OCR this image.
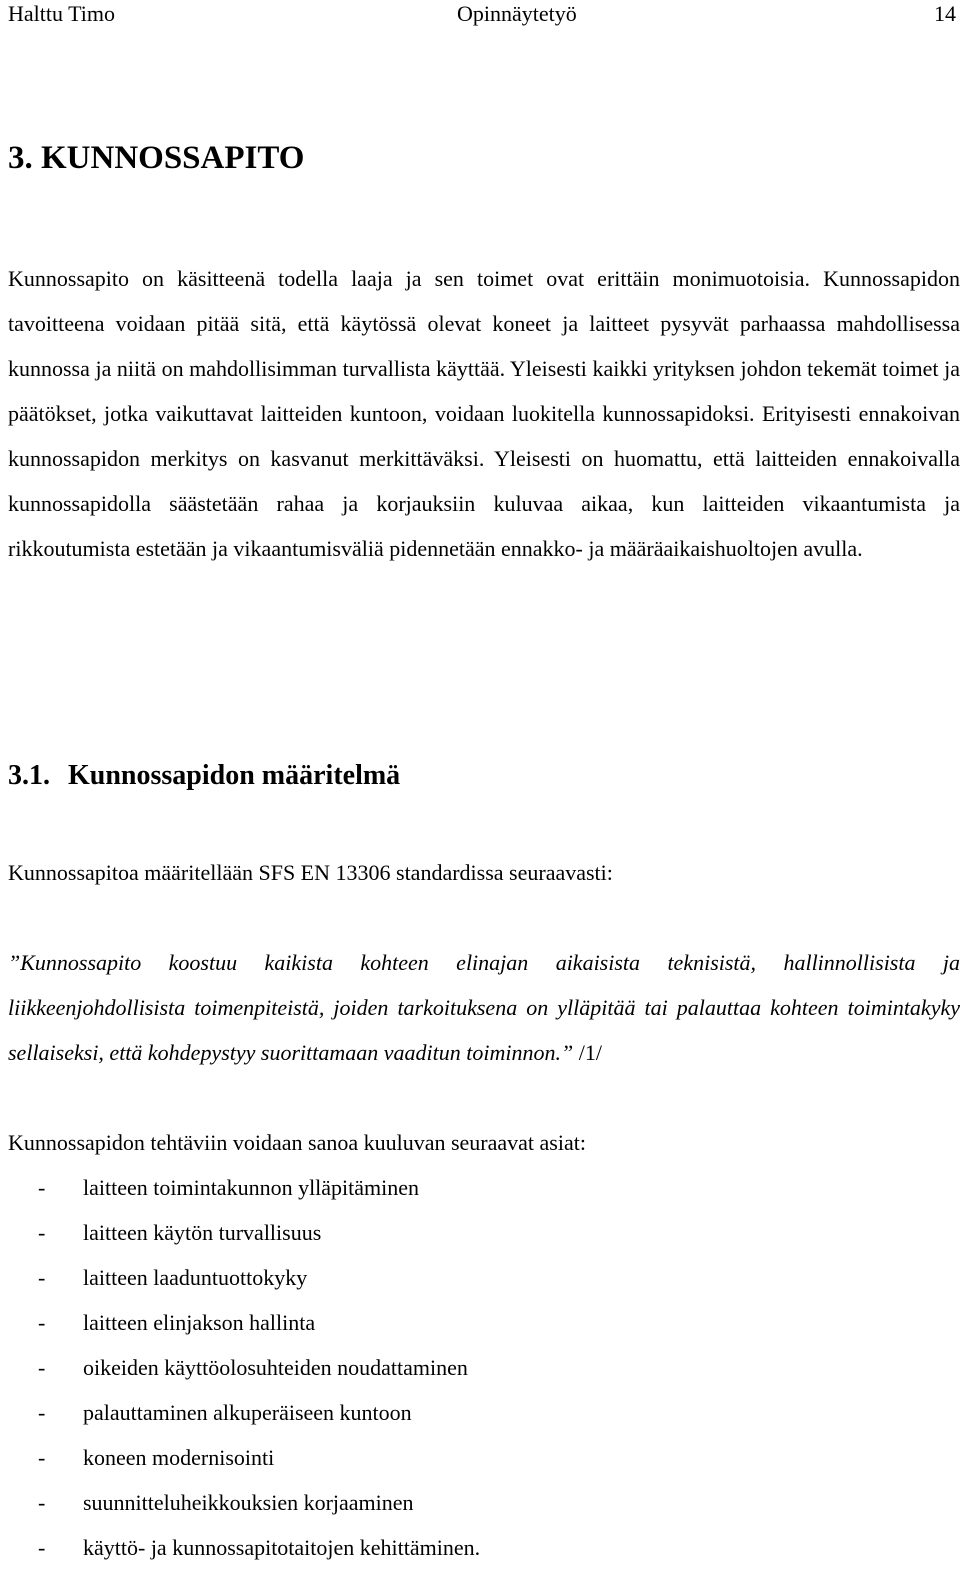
Halttu Timo	Opinnäytetyö	14
3. KUNNOSSAPITO

Kunnossapito on käsitteenä todella laaja ja sen toimet ovat erittäin monimuotoisia. Kunnossapidon tavoitteena voidaan pitää sitä, että käytössä olevat koneet ja laitteet pysyvät parhaassa mahdollisessa kunnossa ja niitä on mahdollisimman turvallista käyttää. Yleisesti kaikki yrityksen johdon tekemät toimet ja päätökset, jotka vaikuttavat laitteiden kuntoon, voidaan luokitella kunnossapidoksi. Erityisesti ennakoivan kunnossapidon merkitys on kasvanut merkittäväksi. Yleisesti on huomattu, että laitteiden ennakoivalla kunnossapidolla säästetään rahaa ja korjauksiin kuluvaa aikaa, kun laitteiden vikaantumista ja rikkoutumista estetään ja vikaantumisväliä pidennetään ennakko- ja määräaikaishuoltojen avulla.

3.1. Kunnossapidon määritelmä

Kunnossapitoa määritellään SFS EN 13306 standardissa seuraavasti:

”Kunnossapito koostuu kaikista kohteen elinajan aikaisista teknisistä, hallinnollisista ja liikkeenjohdollisista toimenpiteistä, joiden tarkoituksena on ylläpitää tai palauttaa kohteen toimintakyky sellaiseksi, että kohdepystyy suorittamaan vaaditun toiminnon.” /1/

Kunnossapidon tehtäviin voidaan sanoa kuuluvan seuraavat asiat:

- laitteen toimintakunnon ylläpitäminen
- laitteen käytön turvallisuus
- laitteen laaduntuottokyky
- laitteen elinjakson hallinta
- oikeiden käyttöolosuhteiden noudattaminen
- palauttaminen alkuperäiseen kuntoon
- koneen modernisointi
- suunnitteluheikkouksien korjaaminen
- käyttö- ja kunnossapitotaitojen kehittäminen.
